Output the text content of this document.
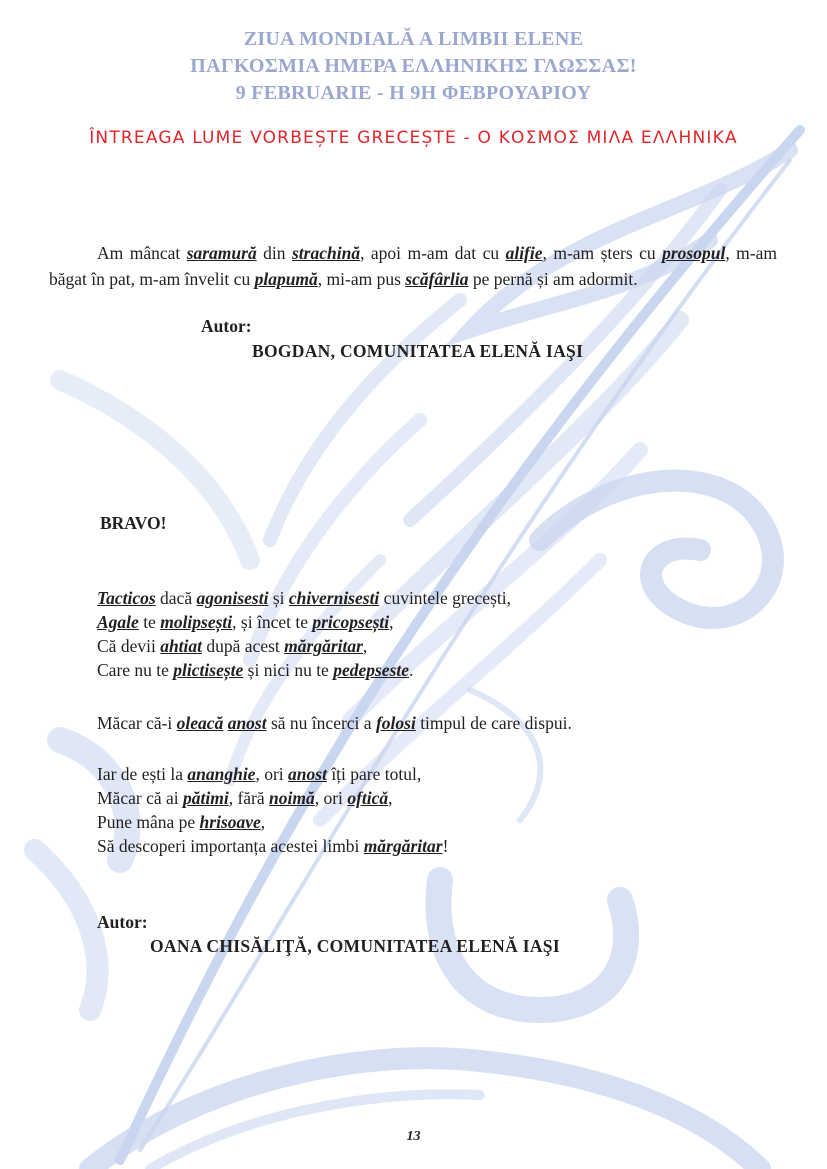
ZIUA MONDIALĂ A LIMBII ELENE
ΠΑΓΚΟΣΜΙΑ ΗΜΕΡΑ ΕΛΛΗΝΙΚΗΣ ΓΛΩΣΣΑΣ!
9 FEBRUARIE - Η 9Η ΦΕΒΡΟΥΑΡΙΟΥ
ÎNTREAGA LUME VORBEȘTE GRECEȘTE - Ο ΚΟΣΜΟΣ ΜΙΛΑ ΕΛΛΗΝΙΚΑ
Am mâncat saramură din strachină, apoi m-am dat cu alifie, m-am șters cu prosopul, m-am băgat în pat, m-am învelit cu plapumă, mi-am pus scăfârlia pe pernă și am adormit.
Autor:
BOGDAN, COMUNITATEA ELENĂ IAŞI
BRAVO!
Tacticos dacă agonisesti și chivernisesti cuvintele grecești,
Agale te molipsești, și încet te pricopsești,
Că devii ahtiat după acest mărgăritar,
Care nu te plictisește și nici nu te pedepseste.
Măcar că-i oleacă anost să nu încerci a folosi timpul de care dispui.
Iar de ești la ananghie, ori anost îți pare totul,
Măcar că ai pătimi, fără noimă, ori ofticǎ,
Pune mâna pe hrisoave,
Să descoperi importanța acestei limbi mărgăritar!
Autor:
OANA CHISĂLIŢĂ, COMUNITATEA ELENĂ IAŞI
13
